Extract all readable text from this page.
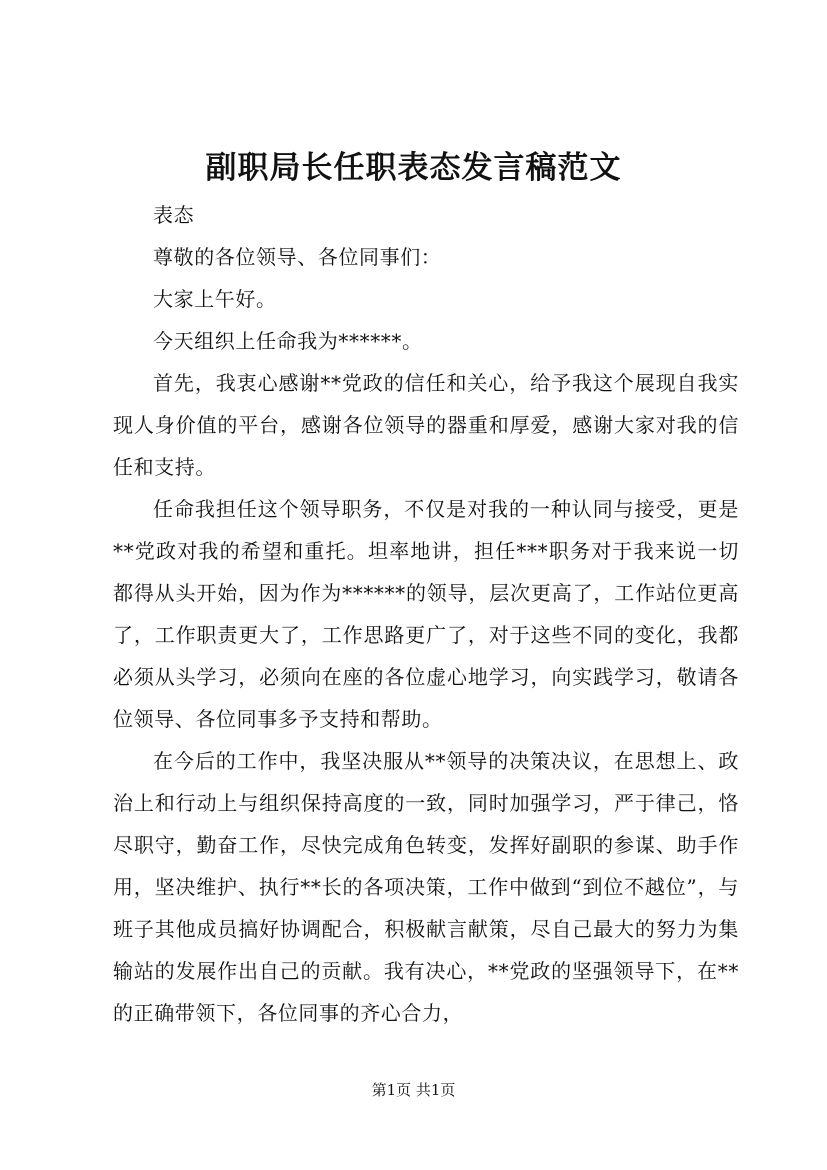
副职局长任职表态发言稿范文

表态

尊敬的各位领导、各位同事们：

大家上午好。

今天组织上任命我为******。

首先，我衷心感谢**党政的信任和关心，给予我这个展现自我实现人身价值的平台，感谢各位领导的器重和厚爱，感谢大家对我的信任和支持。

任命我担任这个领导职务，不仅是对我的一种认同与接受，更是**党政对我的希望和重托。坦率地讲，担任***职务对于我来说一切都得从头开始，因为作为******的领导，层次更高了，工作站位更高了，工作职责更大了，工作思路更广了，对于这些不同的变化，我都必须从头学习，必须向在座的各位虚心地学习，向实践学习，敬请各位领导、各位同事多予支持和帮助。

在今后的工作中，我坚决服从**领导的决策决议，在思想上、政治上和行动上与组织保持高度的一致，同时加强学习，严于律己，恪尽职守，勤奋工作，尽快完成角色转变，发挥好副职的参谋、助手作用，坚决维护、执行**长的各项决策，工作中做到“到位不越位”，与班子其他成员搞好协调配合，积极献言献策，尽自己最大的努力为集输站的发展作出自己的贡献。我有决心，**党政的坚强领导下，在**的正确带领下，各位同事的齐心合力，

第1页 共1页
